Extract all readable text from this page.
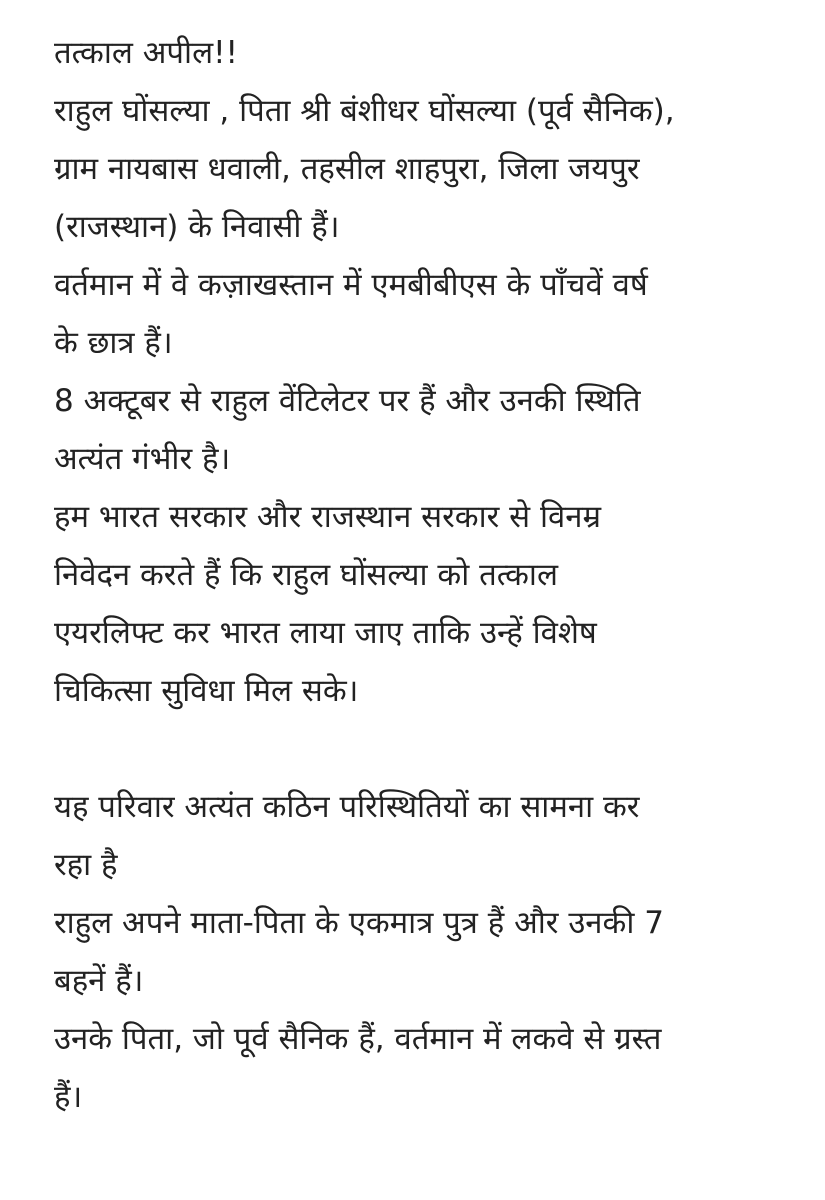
तत्काल अपील!!
राहुल घोंसल्या , पिता श्री बंशीधर घोंसल्या (पूर्व सैनिक),
ग्राम नायबास धवाली, तहसील शाहपुरा, जिला जयपुर
(राजस्थान) के निवासी हैं।
वर्तमान में वे कज़ाखस्तान में एमबीबीएस के पाँचवें वर्ष
के छात्र हैं।
8 अक्टूबर से राहुल वेंटिलेटर पर हैं और उनकी स्थिति
अत्यंत गंभीर है।
हम भारत सरकार और राजस्थान सरकार से विनम्र
निवेदन करते हैं कि राहुल घोंसल्या को तत्काल
एयरलिफ्ट कर भारत लाया जाए ताकि उन्हें विशेष
चिकित्सा सुविधा मिल सके।
यह परिवार अत्यंत कठिन परिस्थितियों का सामना कर
रहा है
राहुल अपने माता-पिता के एकमात्र पुत्र हैं और उनकी 7
बहनें हैं।
उनके पिता, जो पूर्व सैनिक हैं, वर्तमान में लकवे से ग्रस्त
हैं।
